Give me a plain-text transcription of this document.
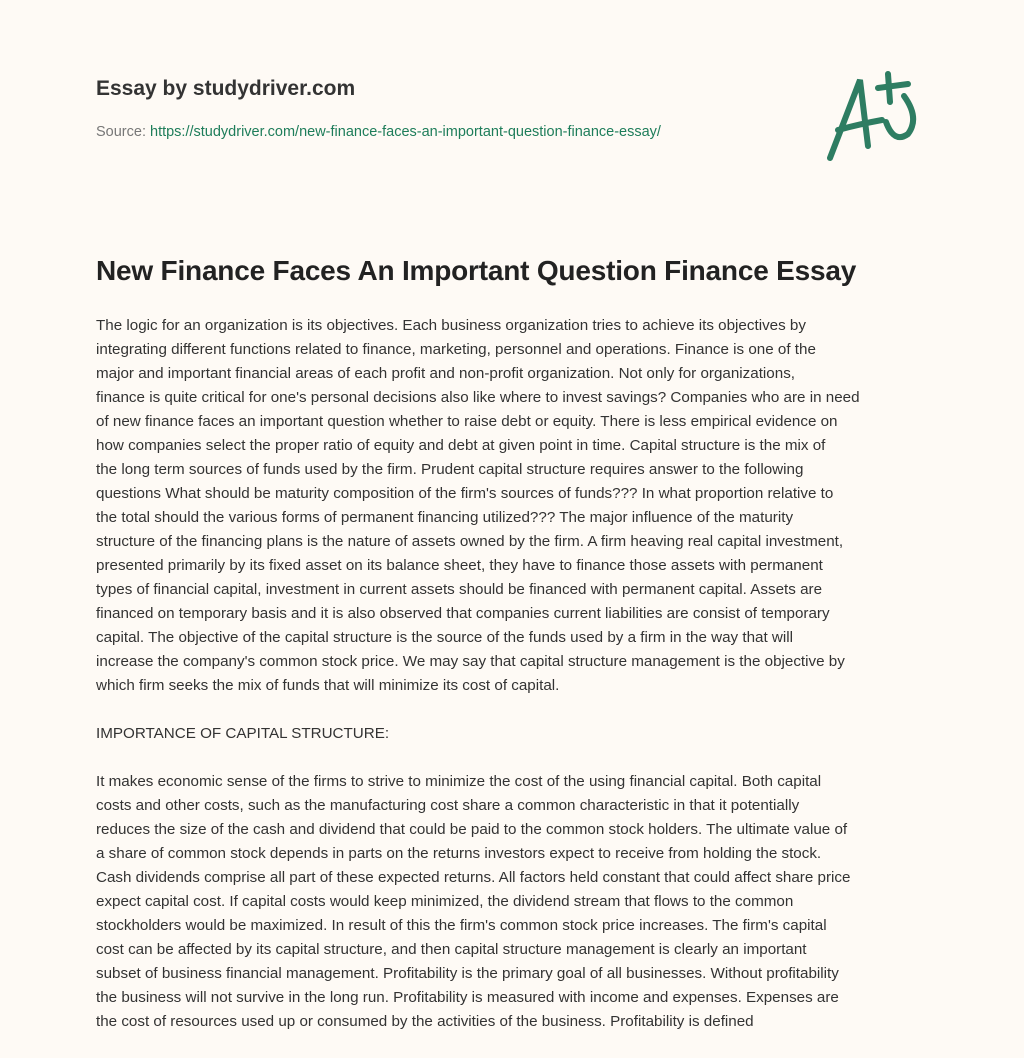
Essay by studydriver.com
Source: https://studydriver.com/new-finance-faces-an-important-question-finance-essay/
New Finance Faces An Important Question Finance Essay
The logic for an organization is its objectives. Each business organization tries to achieve its objectives by
integrating different functions related to finance, marketing, personnel and operations. Finance is one of the
major and important financial areas of each profit and non-profit organization. Not only for organizations,
finance is quite critical for one's personal decisions also like where to invest savings? Companies who are in need
of new finance faces an important question whether to raise debt or equity. There is less empirical evidence on
how companies select the proper ratio of equity and debt at given point in time. Capital structure is the mix of
the long term sources of funds used by the firm. Prudent capital structure requires answer to the following
questions What should be maturity composition of the firm's sources of funds??? In what proportion relative to
the total should the various forms of permanent financing utilized??? The major influence of the maturity
structure of the financing plans is the nature of assets owned by the firm. A firm heaving real capital investment,
presented primarily by its fixed asset on its balance sheet, they have to finance those assets with permanent
types of financial capital, investment in current assets should be financed with permanent capital. Assets are
financed on temporary basis and it is also observed that companies current liabilities are consist of temporary
capital. The objective of the capital structure is the source of the funds used by a firm in the way that will
increase the company's common stock price. We may say that capital structure management is the objective by
which firm seeks the mix of funds that will minimize its cost of capital.
IMPORTANCE OF CAPITAL STRUCTURE:
It makes economic sense of the firms to strive to minimize the cost of the using financial capital. Both capital
costs and other costs, such as the manufacturing cost share a common characteristic in that it potentially
reduces the size of the cash and dividend that could be paid to the common stock holders. The ultimate value of
a share of common stock depends in parts on the returns investors expect to receive from holding the stock.
Cash dividends comprise all part of these expected returns. All factors held constant that could affect share price
expect capital cost. If capital costs would keep minimized, the dividend stream that flows to the common
stockholders would be maximized. In result of this the firm's common stock price increases. The firm's capital
cost can be affected by its capital structure, and then capital structure management is clearly an important
subset of business financial management. Profitability is the primary goal of all businesses. Without profitability
the business will not survive in the long run. Profitability is measured with income and expenses. Expenses are
the cost of resources used up or consumed by the activities of the business. Profitability is defined
